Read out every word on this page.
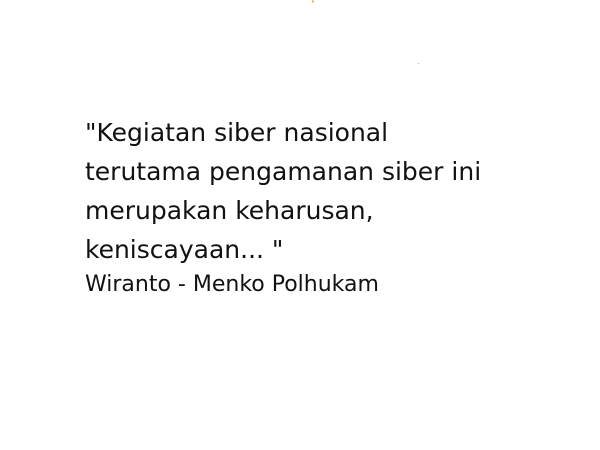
"Kegiatan siber nasional
terutama pengamanan siber ini
merupakan keharusan,
keniscayaan... "
Wiranto - Menko Polhukam
